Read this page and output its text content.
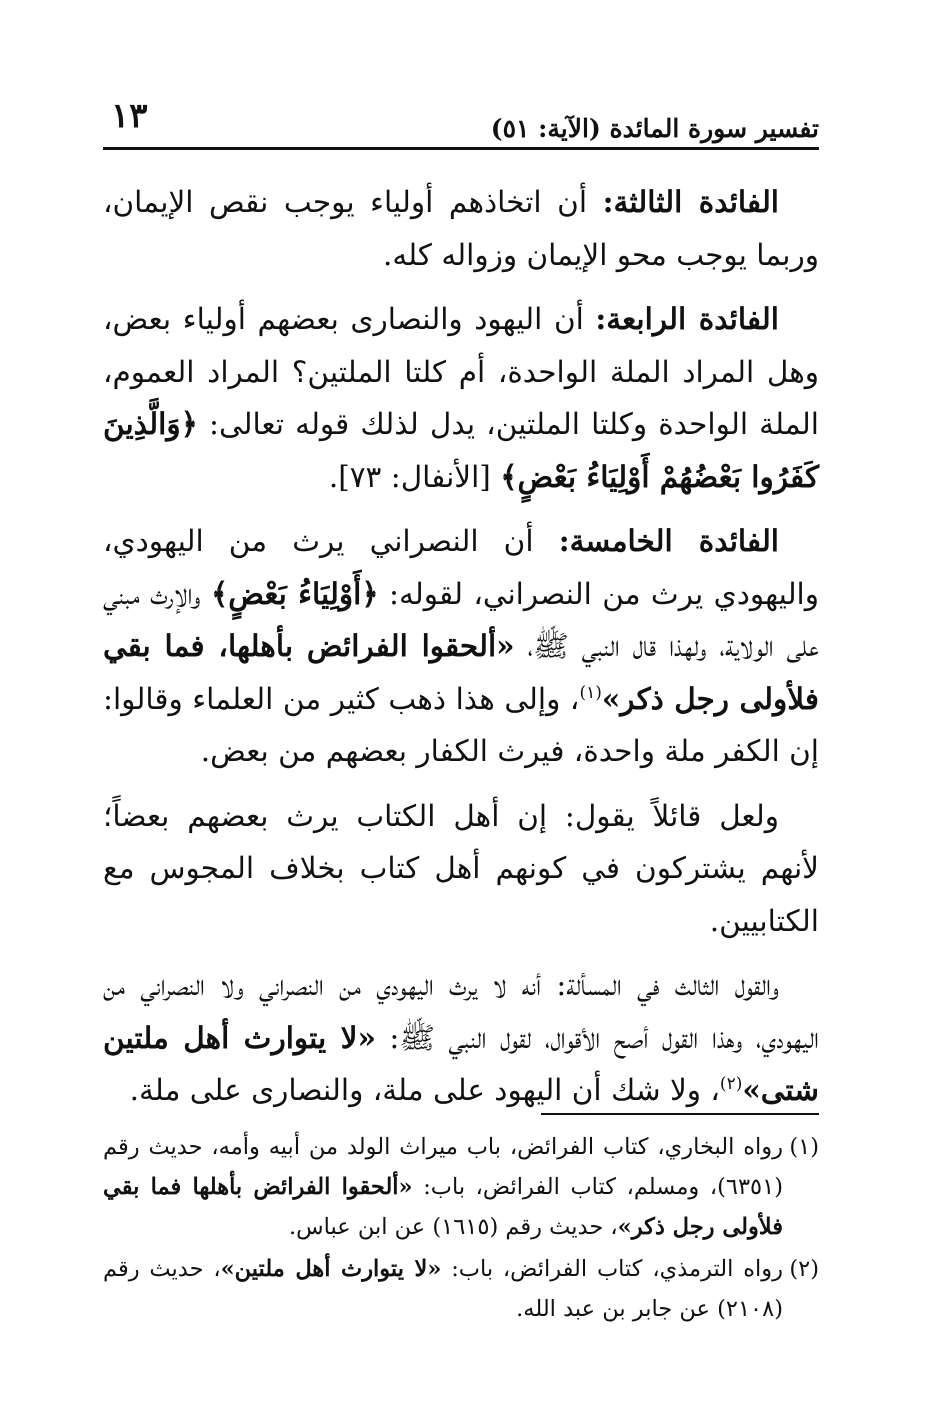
تفسير سورة المائدة (الآية: ٥١)
١٣

الفائدة الثالثة: أن اتخاذهم أولياء يوجب نقص الإيمان، وربما يوجب محو الإيمان وزواله كله.

الفائدة الرابعة: أن اليهود والنصارى بعضهم أولياء بعض، وهل المراد الملة الواحدة، أم كلتا الملتين؟ المراد العموم، الملة الواحدة وكلتا الملتين، يدل لذلك قوله تعالى: ﴿وَالَّذِينَ كَفَرُوا بَعْضُهُمْ أَوْلِيَاءُ بَعْضٍ﴾ [الأنفال: ٧٣].

الفائدة الخامسة: أن النصراني يرث من اليهودي، واليهودي يرث من النصراني، لقوله: ﴿أَوْلِيَاءُ بَعْضٍ﴾ والإرث مبني على الولاية، ولهذا قال النبي ﷺ، «ألحقوا الفرائض بأهلها، فما بقي فلأولى رجل ذكر»$^{(١)}$، وإلى هذا ذهب كثير من العلماء وقالوا: إن الكفر ملة واحدة، فيرث الكفار بعضهم من بعض.

ولعل قائلاً يقول: إن أهل الكتاب يرث بعضهم بعضاً؛ لأنهم يشتركون في كونهم أهل كتاب بخلاف المجوس مع الكتابيين.

والقول الثالث في المسألة: أنه لا يرث اليهودي من النصراني ولا النصراني من اليهودي، وهذا القول أصح الأقوال، لقول النبي ﷺ: «لا يتوارث أهل ملتين شتى»$^{(٢)}$، ولا شك أن اليهود على ملة، والنصارى على ملة.

(١)رواه البخاري، كتاب الفرائض، باب ميراث الولد من أبيه وأمه، حديث رقم (٦٣٥١)، ومسلم، كتاب الفرائض، باب: «ألحقوا الفرائض بأهلها فما بقي فلأولى رجل ذكر»، حديث رقم (١٦١٥) عن ابن عباس.

(٢)رواه الترمذي، كتاب الفرائض، باب: «لا يتوارث أهل ملتين»، حديث رقم (٢١٠٨) عن جابر بن عبد الله.
